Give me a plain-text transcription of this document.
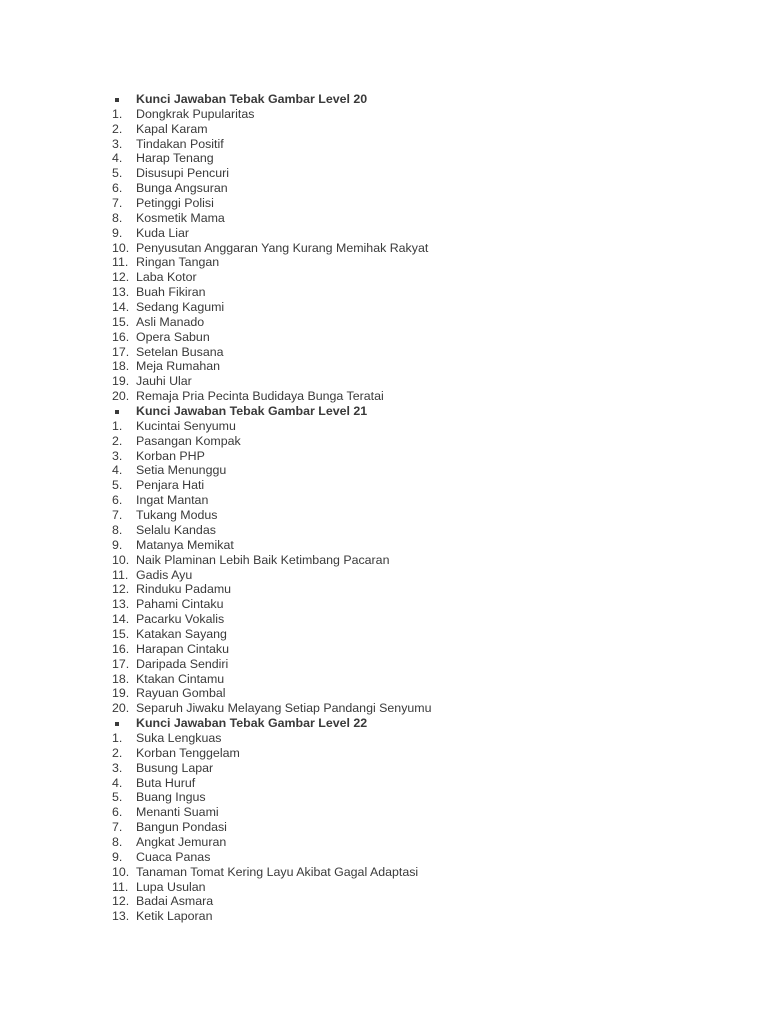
Kunci Jawaban Tebak Gambar Level 20
1.	Dongkrak Pupularitas
2.	Kapal Karam
3.	Tindakan Positif
4.	Harap Tenang
5.	Disusupi Pencuri
6.	Bunga Angsuran
7.	Petinggi Polisi
8.	Kosmetik Mama
9.	Kuda Liar
10. Penyusutan Anggaran Yang Kurang Memihak Rakyat
11. Ringan Tangan
12. Laba Kotor
13. Buah Fikiran
14. Sedang Kagumi
15. Asli Manado
16. Opera Sabun
17. Setelan Busana
18. Meja Rumahan
19. Jauhi Ular
20. Remaja Pria Pecinta Budidaya Bunga Teratai
Kunci Jawaban Tebak Gambar Level 21
1.	Kucintai Senyumu
2.	Pasangan Kompak
3.	Korban PHP
4.	Setia Menunggu
5.	Penjara Hati
6.	Ingat Mantan
7.	Tukang Modus
8.	Selalu Kandas
9.	Matanya Memikat
10. Naik Plaminan Lebih Baik Ketimbang Pacaran
11. Gadis Ayu
12. Rinduku Padamu
13. Pahami Cintaku
14. Pacarku Vokalis
15. Katakan Sayang
16. Harapan Cintaku
17. Daripada Sendiri
18. Ktakan Cintamu
19. Rayuan Gombal
20. Separuh Jiwaku Melayang Setiap Pandangi Senyumu
Kunci Jawaban Tebak Gambar Level 22
1.	Suka Lengkuas
2.	Korban Tenggelam
3.	Busung Lapar
4.	Buta Huruf
5.	Buang Ingus
6.	Menanti Suami
7.	Bangun Pondasi
8.	Angkat Jemuran
9.	Cuaca Panas
10. Tanaman Tomat Kering Layu Akibat Gagal Adaptasi
11. Lupa Usulan
12. Badai Asmara
13. Ketik Laporan
